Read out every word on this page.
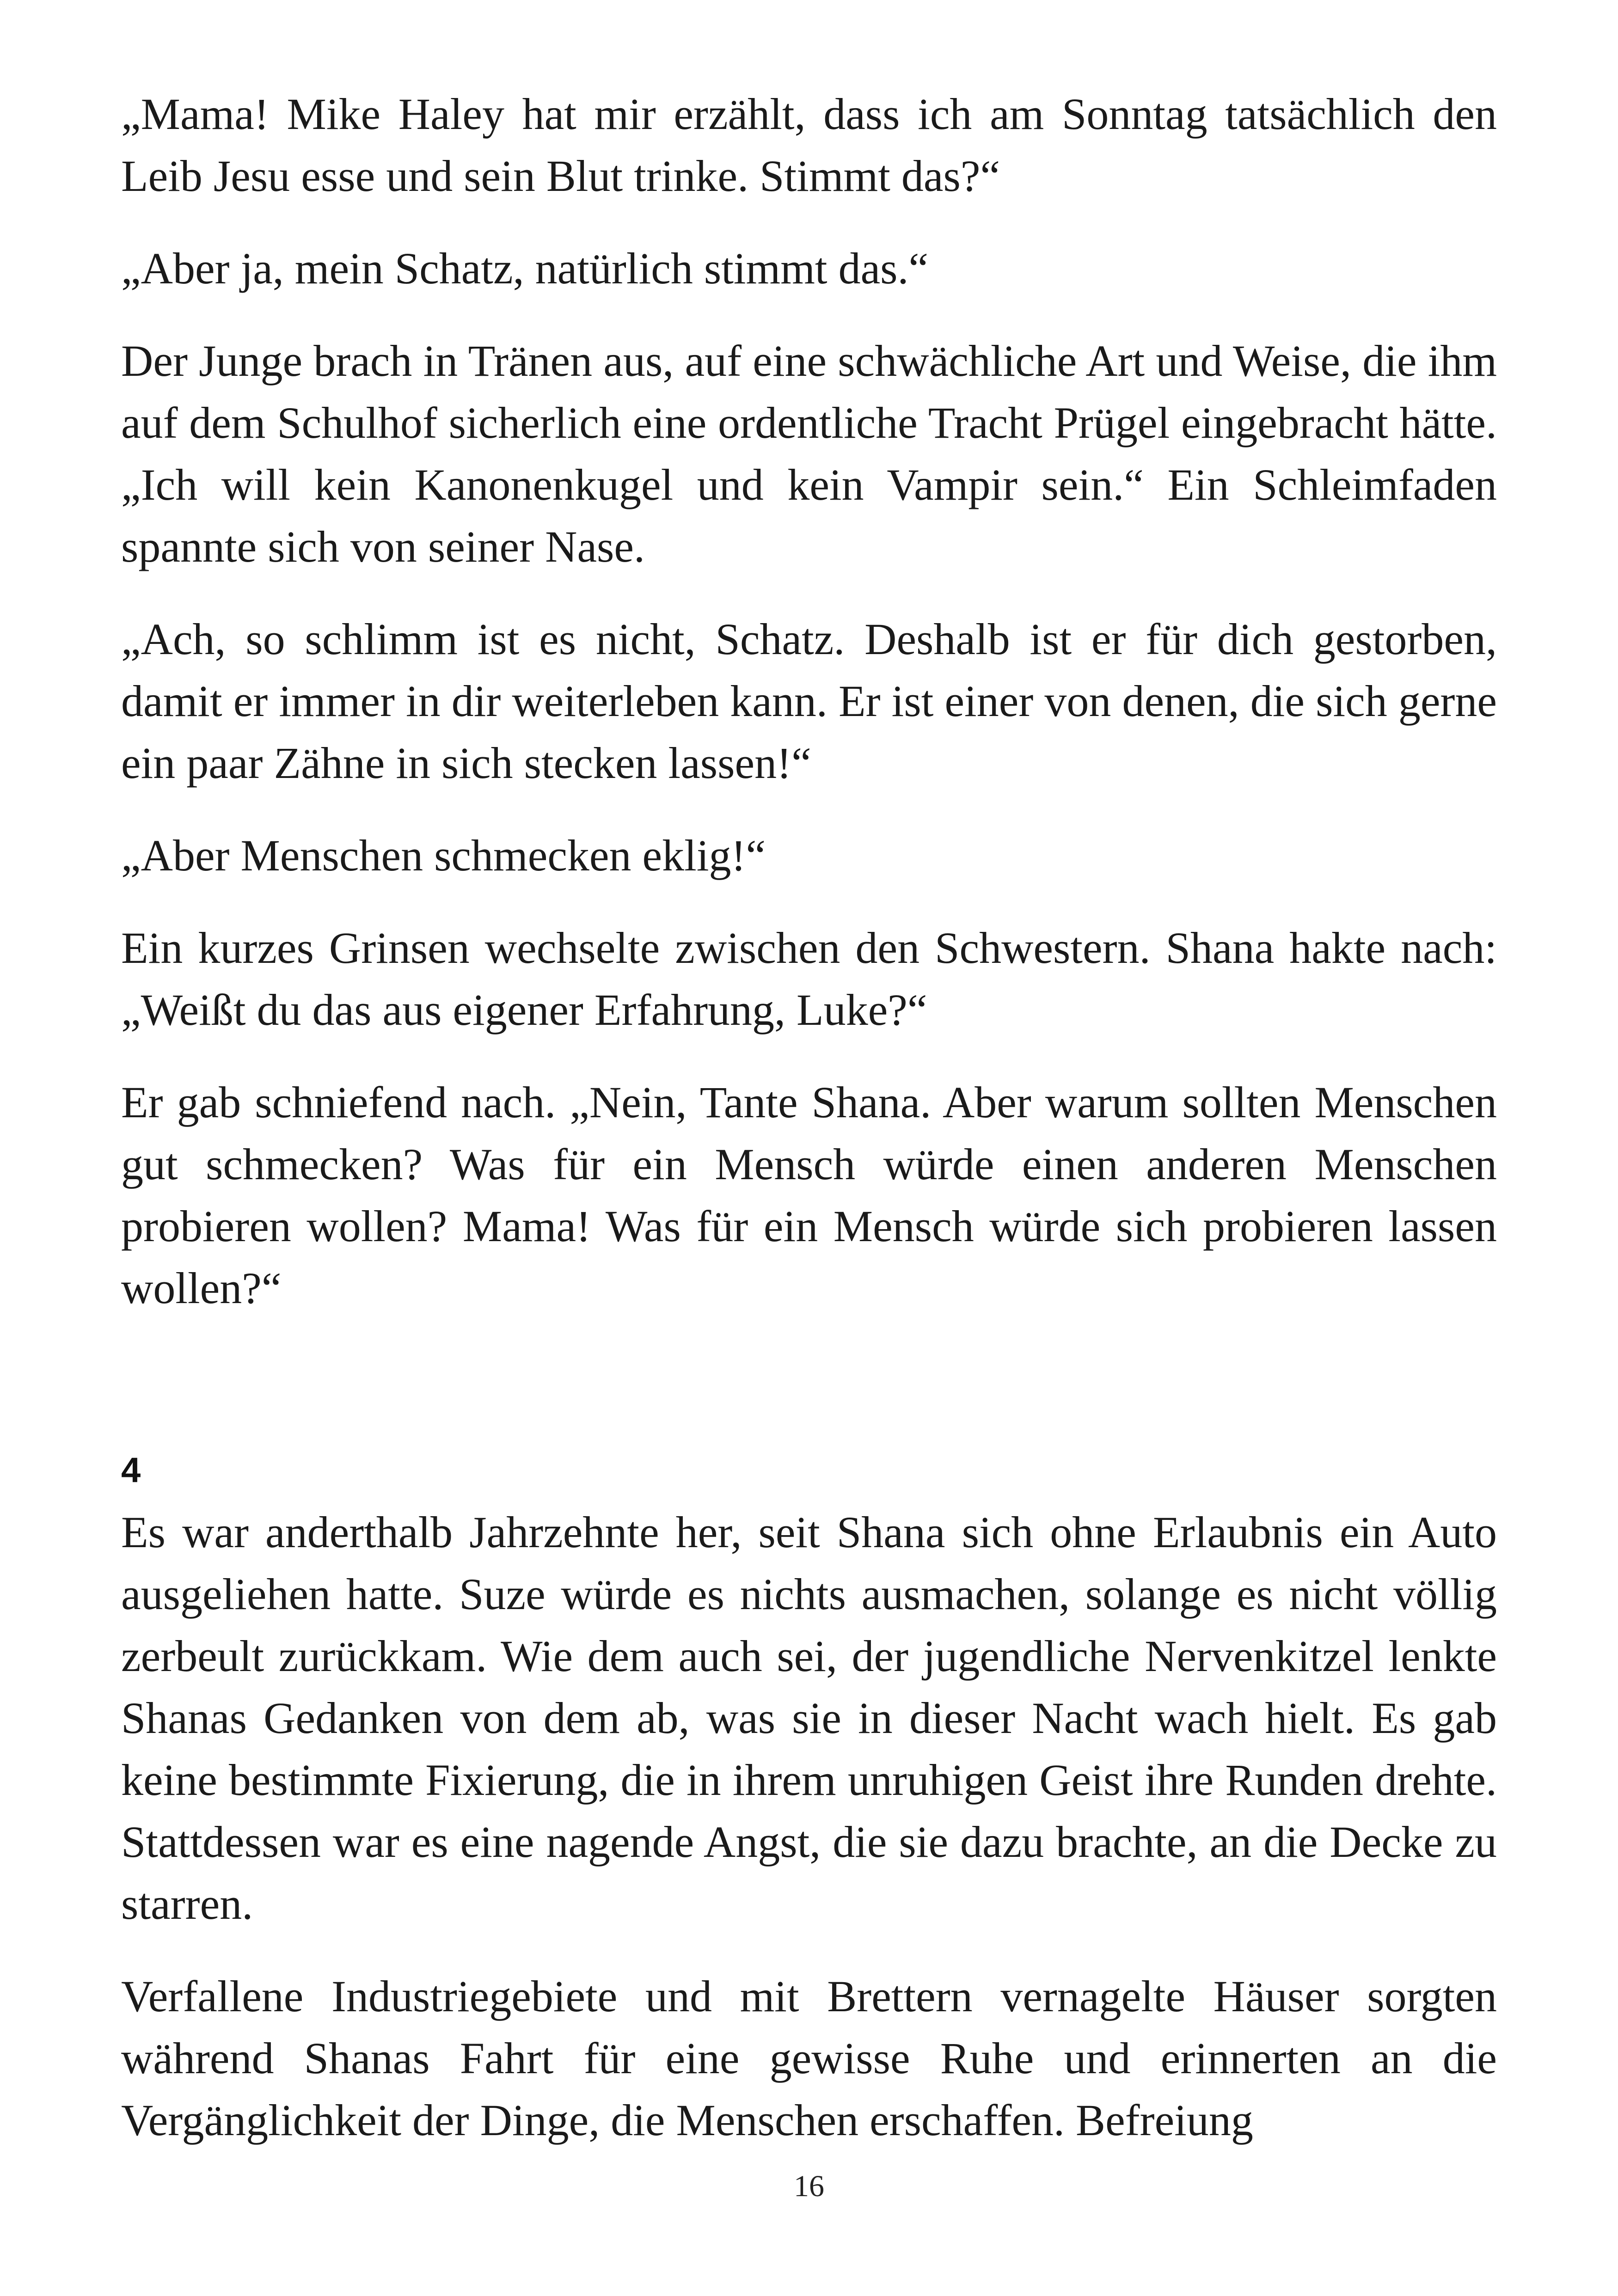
„Mama! Mike Haley hat mir erzählt, dass ich am Sonntag tatsächlich den Leib Jesu esse und sein Blut trinke. Stimmt das?“

„Aber ja, mein Schatz, natürlich stimmt das.“

Der Junge brach in Tränen aus, auf eine schwächliche Art und Weise, die ihm auf dem Schulhof sicherlich eine ordentliche Tracht Prügel eingebracht hätte. „Ich will kein Kanonenkugel und kein Vampir sein.“ Ein Schleimfaden spannte sich von seiner Nase.

„Ach, so schlimm ist es nicht, Schatz. Deshalb ist er für dich gestorben, damit er immer in dir weiterleben kann. Er ist einer von denen, die sich gerne ein paar Zähne in sich stecken lassen!“

„Aber Menschen schmecken eklig!“

Ein kurzes Grinsen wechselte zwischen den Schwestern. Shana hakte nach: „Weißt du das aus eigener Erfahrung, Luke?“

Er gab schniefend nach. „Nein, Tante Shana. Aber warum sollten Menschen gut schmecken? Was für ein Mensch würde einen anderen Menschen probieren wollen? Mama! Was für ein Mensch würde sich probieren lassen wollen?“

4

Es war anderthalb Jahrzehnte her, seit Shana sich ohne Erlaubnis ein Auto ausgeliehen hatte. Suze würde es nichts ausmachen, solange es nicht völlig zerbeult zurückkam. Wie dem auch sei, der jugendliche Nervenkitzel lenkte Shanas Gedanken von dem ab, was sie in dieser Nacht wach hielt. Es gab keine bestimmte Fixierung, die in ihrem unruhigen Geist ihre Runden drehte. Stattdessen war es eine nagende Angst, die sie dazu brachte, an die Decke zu starren.

Verfallene Industriegebiete und mit Brettern vernagelte Häuser sorgten während Shanas Fahrt für eine gewisse Ruhe und erinnerten an die Vergänglichkeit der Dinge, die Menschen erschaffen. Befreiung

16
